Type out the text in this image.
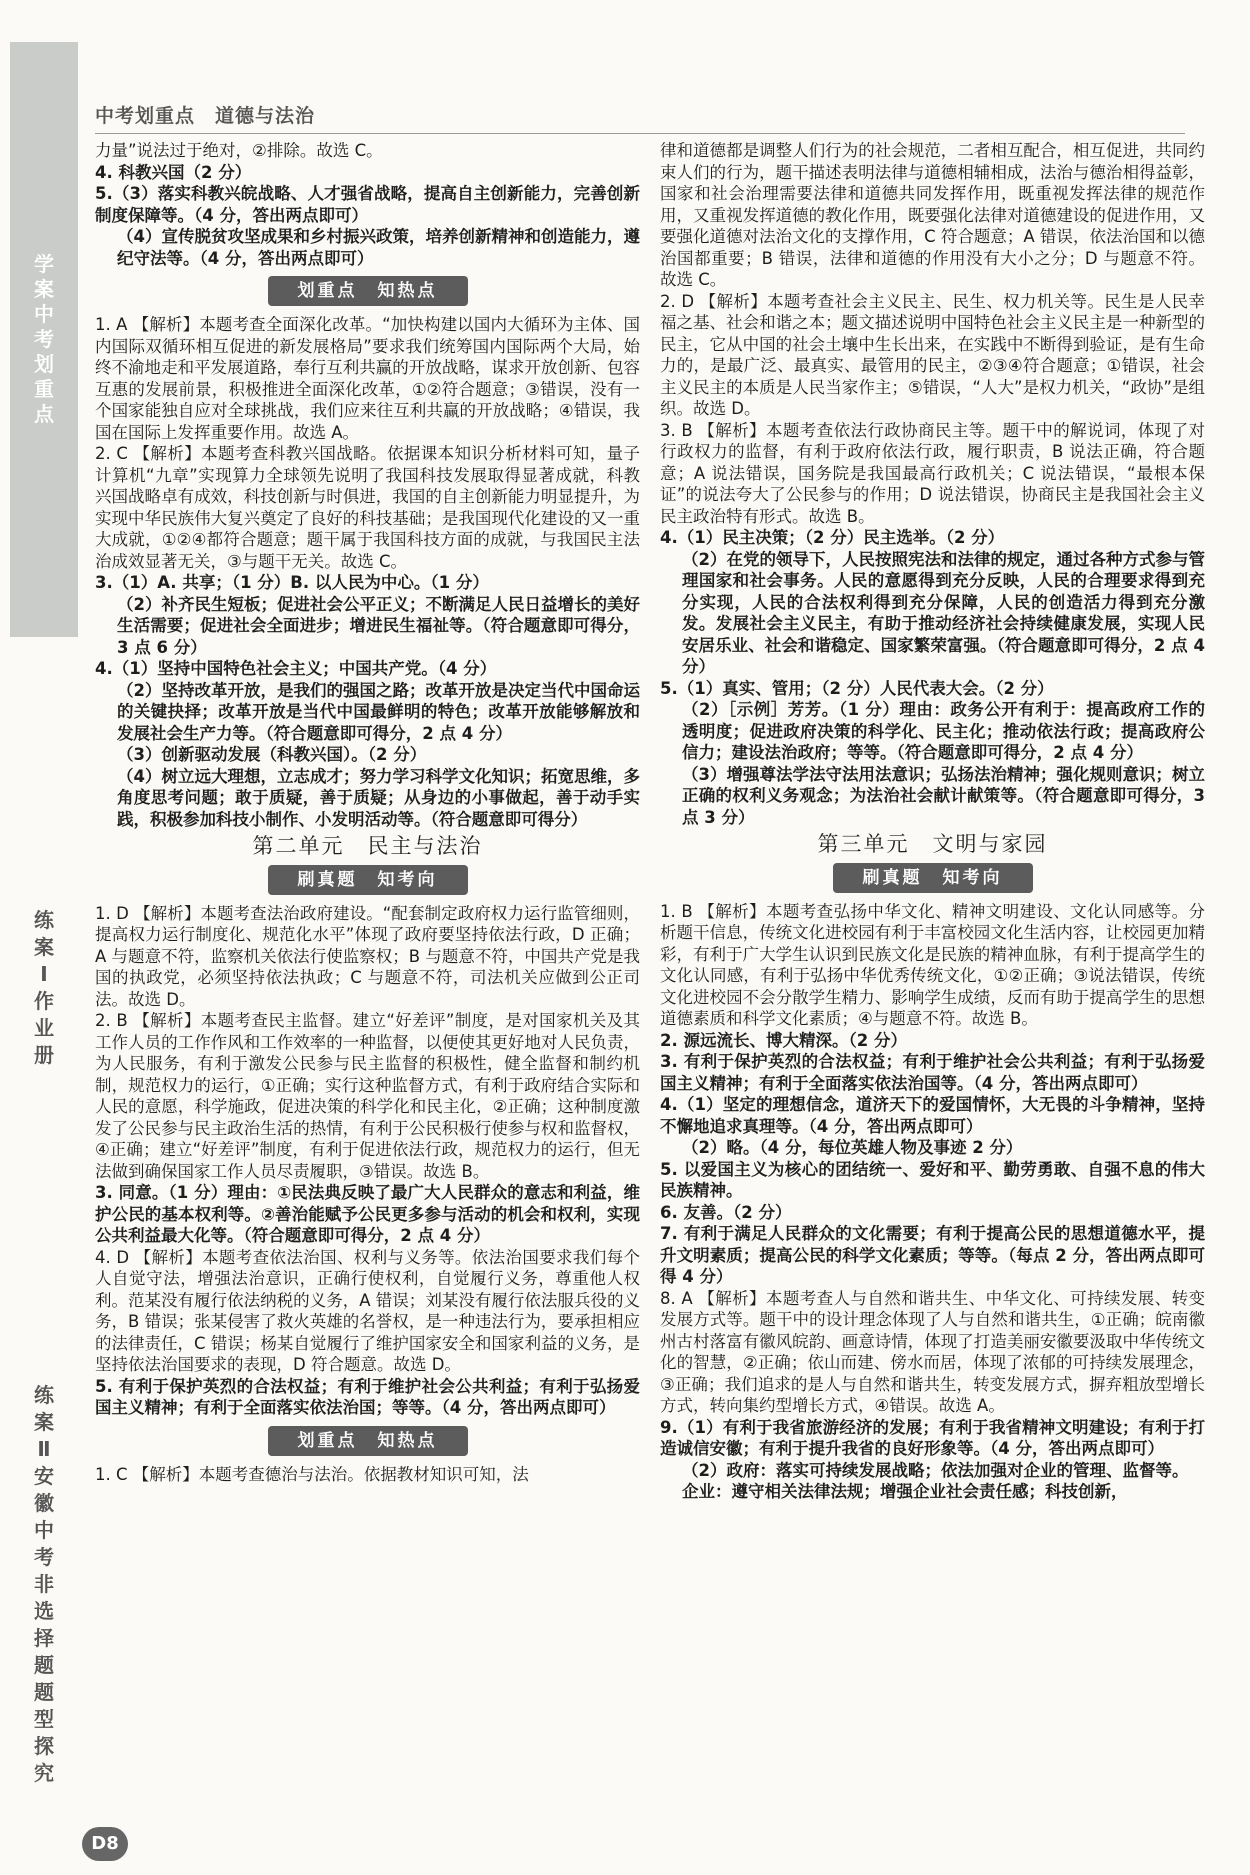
学
案
中
考
划
重
点
练
案
Ⅰ
作
业
册
练
案
Ⅱ
安
徽
中
考
非
选
择
题
题
型
探
究
中考划重点　道德与法治

力量”说法过于绝对，②排除。故选 C。

4. 科教兴国（2 分）

5.（3）落实科教兴皖战略、人才强省战略，提高自主创新能力，完善创新制度保障等。（4 分，答出两点即可）

（4）宣传脱贫攻坚成果和乡村振兴政策，培养创新精神和创造能力，遵纪守法等。（4 分，答出两点即可）

划重点　知热点

1. A 【解析】本题考查全面深化改革。“加快构建以国内大循环为主体、国内国际双循环相互促进的新发展格局”要求我们统筹国内国际两个大局，始终不渝地走和平发展道路，奉行互利共赢的开放战略，谋求开放创新、包容互惠的发展前景，积极推进全面深化改革，①②符合题意；③错误，没有一个国家能独自应对全球挑战，我们应来往互利共赢的开放战略；④错误，我国在国际上发挥重要作用。故选 A。

2. C 【解析】本题考查科教兴国战略。依据课本知识分析材料可知，量子计算机“九章”实现算力全球领先说明了我国科技发展取得显著成就，科教兴国战略卓有成效，科技创新与时俱进，我国的自主创新能力明显提升，为实现中华民族伟大复兴奠定了良好的科技基础；是我国现代化建设的又一重大成就，①②④都符合题意；题干属于我国科技方面的成就，与我国民主法治成效显著无关，③与题干无关。故选 C。

3.（1）A. 共享；（1 分）B. 以人民为中心。（1 分）

（2）补齐民生短板；促进社会公平正义；不断满足人民日益增长的美好生活需要；促进社会全面进步；增进民生福祉等。（符合题意即可得分，3 点 6 分）

4.（1）坚持中国特色社会主义；中国共产党。（4 分）

（2）坚持改革开放，是我们的强国之路；改革开放是决定当代中国命运的关键抉择；改革开放是当代中国最鲜明的特色；改革开放能够解放和发展社会生产力等。（符合题意即可得分，2 点 4 分）

（3）创新驱动发展（科教兴国）。（2 分）

（4）树立远大理想，立志成才；努力学习科学文化知识；拓宽思维，多角度思考问题；敢于质疑，善于质疑；从身边的小事做起，善于动手实践，积极参加科技小制作、小发明活动等。（符合题意即可得分）

第二单元　民主与法治
刷真题　知考向

1. D 【解析】本题考查法治政府建设。“配套制定政府权力运行监管细则，提高权力运行制度化、规范化水平”体现了政府要坚持依法行政，D 正确；A 与题意不符，监察机关依法行使监察权；B 与题意不符，中国共产党是我国的执政党，必须坚持依法执政；C 与题意不符，司法机关应做到公正司法。故选 D。

2. B 【解析】本题考查民主监督。建立“好差评”制度，是对国家机关及其工作人员的工作作风和工作效率的一种监督，以便使其更好地对人民负责，为人民服务，有利于激发公民参与民主监督的积极性，健全监督和制约机制，规范权力的运行，①正确；实行这种监督方式，有利于政府结合实际和人民的意愿，科学施政，促进决策的科学化和民主化，②正确；这种制度激发了公民参与民主政治生活的热情，有利于公民积极行使参与权和监督权，④正确；建立“好差评”制度，有利于促进依法行政，规范权力的运行，但无法做到确保国家工作人员尽责履职，③错误。故选 B。

3. 同意。（1 分）理由：①民法典反映了最广大人民群众的意志和利益，维护公民的基本权利等。②善治能赋予公民更多参与活动的机会和权利，实现公共利益最大化等。（符合题意即可得分，2 点 4 分）

4. D 【解析】本题考查依法治国、权利与义务等。依法治国要求我们每个人自觉守法，增强法治意识，正确行使权利，自觉履行义务，尊重他人权利。范某没有履行依法纳税的义务，A 错误；刘某没有履行依法服兵役的义务，B 错误；张某侵害了救火英雄的名誉权，是一种违法行为，要承担相应的法律责任，C 错误；杨某自觉履行了维护国家安全和国家利益的义务，是坚持依法治国要求的表现，D 符合题意。故选 D。

5. 有利于保护英烈的合法权益；有利于维护社会公共利益；有利于弘扬爱国主义精神；有利于全面落实依法治国；等等。（4 分，答出两点即可）

划重点　知热点

1. C 【解析】本题考查德治与法治。依据教材知识可知，法

律和道德都是调整人们行为的社会规范，二者相互配合，相互促进，共同约束人们的行为，题干描述表明法律与道德相辅相成，法治与德治相得益彰，国家和社会治理需要法律和道德共同发挥作用，既重视发挥法律的规范作用，又重视发挥道德的教化作用，既要强化法律对道德建设的促进作用，又要强化道德对法治文化的支撑作用，C 符合题意；A 错误，依法治国和以德治国都重要；B 错误，法律和道德的作用没有大小之分；D 与题意不符。故选 C。

2. D 【解析】本题考查社会主义民主、民生、权力机关等。民生是人民幸福之基、社会和谐之本；题文描述说明中国特色社会主义民主是一种新型的民主，它从中国的社会土壤中生长出来，在实践中不断得到验证，是有生命力的，是最广泛、最真实、最管用的民主，②③④符合题意；①错误，社会主义民主的本质是人民当家作主；⑤错误，“人大”是权力机关，“政协”是组织。故选 D。

3. B 【解析】本题考查依法行政协商民主等。题干中的解说词，体现了对行政权力的监督，有利于政府依法行政，履行职责，B 说法正确，符合题意；A 说法错误，国务院是我国最高行政机关；C 说法错误，“最根本保证”的说法夸大了公民参与的作用；D 说法错误，协商民主是我国社会主义民主政治特有形式。故选 B。

4.（1）民主决策；（2 分）民主选举。（2 分）

（2）在党的领导下，人民按照宪法和法律的规定，通过各种方式参与管理国家和社会事务。人民的意愿得到充分反映，人民的合理要求得到充分实现，人民的合法权利得到充分保障，人民的创造活力得到充分激发。发展社会主义民主，有助于推动经济社会持续健康发展，实现人民安居乐业、社会和谐稳定、国家繁荣富强。（符合题意即可得分，2 点 4 分）

5.（1）真实、管用；（2 分）人民代表大会。（2 分）

（2）［示例］芳芳。（1 分）理由：政务公开有利于：提高政府工作的透明度；促进政府决策的科学化、民主化；推动依法行政；提高政府公信力；建设法治政府；等等。（符合题意即可得分，2 点 4 分）

（3）增强尊法学法守法用法意识；弘扬法治精神；强化规则意识；树立正确的权利义务观念；为法治社会献计献策等。（符合题意即可得分，3 点 3 分）

第三单元　文明与家园
刷真题　知考向

1. B 【解析】本题考查弘扬中华文化、精神文明建设、文化认同感等。分析题干信息，传统文化进校园有利于丰富校园文化生活内容，让校园更加精彩，有利于广大学生认识到民族文化是民族的精神血脉，有利于提高学生的文化认同感，有利于弘扬中华优秀传统文化，①②正确；③说法错误，传统文化进校园不会分散学生精力、影响学生成绩，反而有助于提高学生的思想道德素质和科学文化素质；④与题意不符。故选 B。

2. 源远流长、博大精深。（2 分）

3. 有利于保护英烈的合法权益；有利于维护社会公共利益；有利于弘扬爱国主义精神；有利于全面落实依法治国等。（4 分，答出两点即可）

4.（1）坚定的理想信念，道济天下的爱国情怀，大无畏的斗争精神，坚持不懈地追求真理等。（4 分，答出两点即可）

（2）略。（4 分，每位英雄人物及事迹 2 分）

5. 以爱国主义为核心的团结统一、爱好和平、勤劳勇敢、自强不息的伟大民族精神。

6. 友善。（2 分）

7. 有利于满足人民群众的文化需要；有利于提高公民的思想道德水平，提升文明素质；提高公民的科学文化素质；等等。（每点 2 分，答出两点即可得 4 分）

8. A 【解析】本题考查人与自然和谐共生、中华文化、可持续发展、转变发展方式等。题干中的设计理念体现了人与自然和谐共生，①正确；皖南徽州古村落富有徽风皖韵、画意诗情，体现了打造美丽安徽要汲取中华传统文化的智慧，②正确；依山而建、傍水而居，体现了浓郁的可持续发展理念，③正确；我们追求的是人与自然和谐共生，转变发展方式，摒弃粗放型增长方式，转向集约型增长方式，④错误。故选 A。

9.（1）有利于我省旅游经济的发展；有利于我省精神文明建设；有利于打造诚信安徽；有利于提升我省的良好形象等。（4 分，答出两点即可）

（2）政府：落实可持续发展战略；依法加强对企业的管理、监督等。

企业：遵守相关法律法规；增强企业社会责任感；科技创新，

D8
